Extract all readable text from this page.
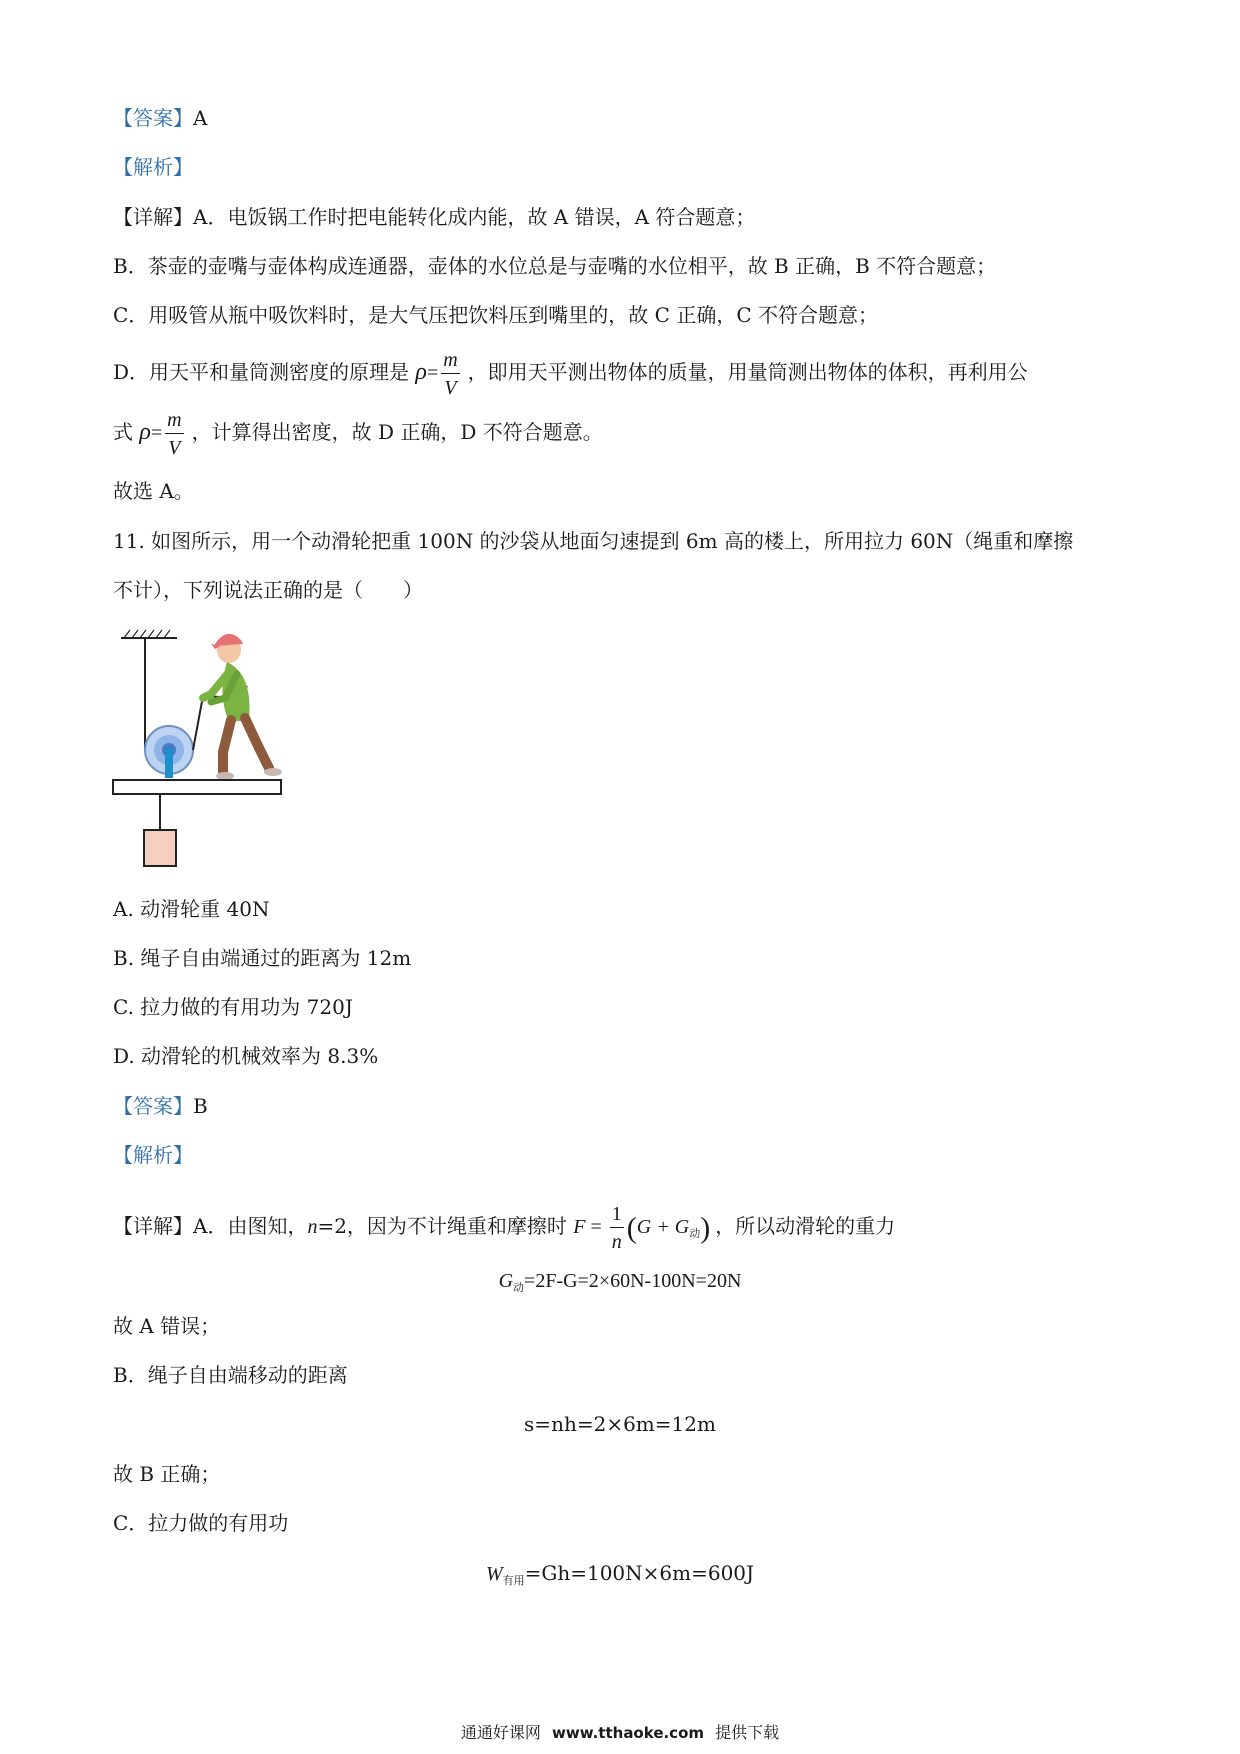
【答案】A
【解析】
【详解】A．电饭锅工作时把电能转化成内能，故 A 错误，A 符合题意；
B．茶壶的壶嘴与壶体构成连通器，壶体的水位总是与壶嘴的水位相平，故 B 正确，B 不符合题意；
C．用吸管从瓶中吸饮料时，是大气压把饮料压到嘴里的，故 C 正确，C 不符合题意；
D．用天平和量筒测密度的原理是 $\rho= \frac{m}{V}$ ，即用天平测出物体的质量，用量筒测出物体的体积，再利用公
式 $\rho= \frac{m}{V}$ ，计算得出密度，故 D 正确，D 不符合题意。
故选 A。
11. 如图所示，用一个动滑轮把重 100N 的沙袋从地面匀速提到 6m 高的楼上，所用拉力 60N（绳重和摩擦
不计），下列说法正确的是（　　）
A. 动滑轮重 40N
B. 绳子自由端通过的距离为 12m
C. 拉力做的有用功为 720J
D. 动滑轮的机械效率为 8.3%
【答案】B
【解析】
【详解】A．由图知，n=2，因为不计绳重和摩擦时 $F = \frac{1}{n} (G + G_动)$ ，所以动滑轮的重力
$G_动=2F-G=2\times 60N-100N=20N$
故 A 错误；
B．绳子自由端移动的距离
s=nh=2×6m=12m
故 B 正确；
C．拉力做的有用功
$W_{有用}=Gh=100N\times 6m=600J$
通通好课网 www.tthaoke.com 提供下载
